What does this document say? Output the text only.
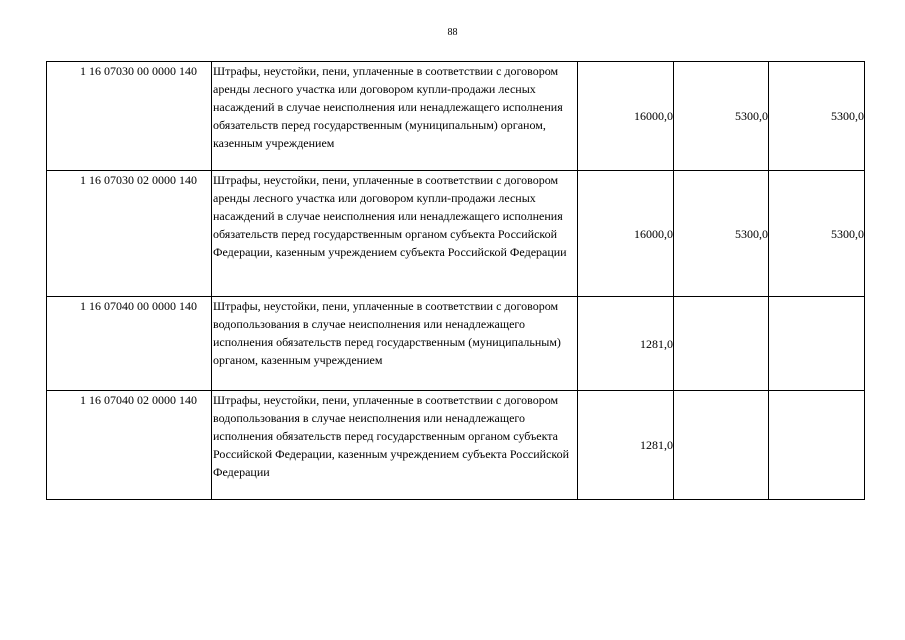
88
1 16 07030 00 0000 140	Штрафы, неустойки, пени, уплаченные в соответствии с договором аренды лесного участка или договором купли-продажи лесных насаждений в случае неисполнения или ненадлежащего исполнения обязательств перед государственным (муниципальным) органом, казенным учреждением	16000,0	5300,0	5300,0
1 16 07030 02 0000 140	Штрафы, неустойки, пени, уплаченные в соответствии с договором аренды лесного участка или договором купли-продажи лесных насаждений в случае неисполнения или ненадлежащего исполнения обязательств перед государственным органом субъекта Российской Федерации, казенным учреждением субъекта Российской Федерации	16000,0	5300,0	5300,0
1 16 07040 00 0000 140	Штрафы, неустойки, пени, уплаченные в соответствии с договором водопользования в случае неисполнения или ненадлежащего исполнения обязательств перед государственным (муниципальным) органом, казенным учреждением	1281,0		
1 16 07040 02 0000 140	Штрафы, неустойки, пени, уплаченные в соответствии с договором водопользования в случае неисполнения или ненадлежащего исполнения обязательств перед государственным органом субъекта Российской Федерации, казенным учреждением субъекта Российской Федерации	1281,0		
